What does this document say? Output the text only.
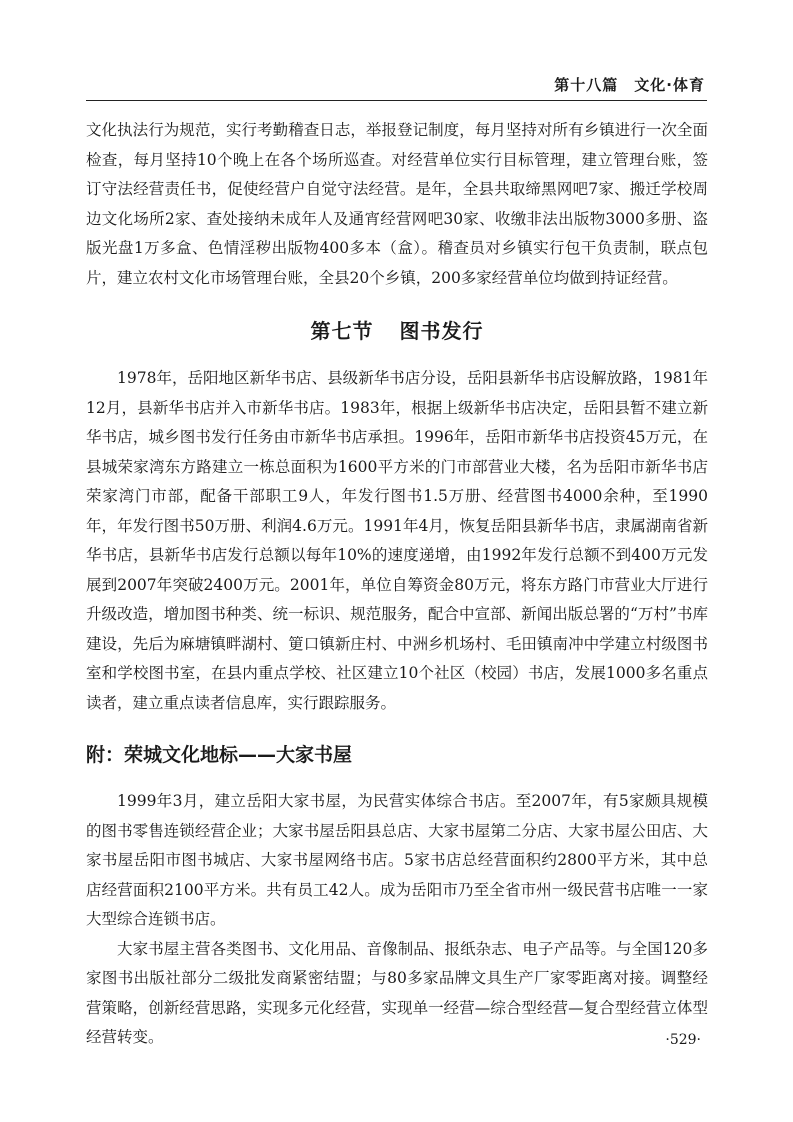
第十八篇　文化·体育

文化执法行为规范，实行考勤稽查日志，举报登记制度，每月坚持对所有乡镇进行一次全面检查，每月坚持10个晚上在各个场所巡查。对经营单位实行目标管理，建立管理台账，签订守法经营责任书，促使经营户自觉守法经营。是年，全县共取缔黑网吧7家、搬迁学校周边文化场所2家、查处接纳未成年人及通宵经营网吧30家、收缴非法出版物3000多册、盗版光盘1万多盒、色情淫秽出版物400多本（盒）。稽查员对乡镇实行包干负责制，联点包片，建立农村文化市场管理台账，全县20个乡镇，200多家经营单位均做到持证经营。

第七节 图书发行

1978年，岳阳地区新华书店、县级新华书店分设，岳阳县新华书店设解放路，1981年12月，县新华书店并入市新华书店。1983年，根据上级新华书店决定，岳阳县暂不建立新华书店，城乡图书发行任务由市新华书店承担。1996年，岳阳市新华书店投资45万元，在县城荣家湾东方路建立一栋总面积为1600平方米的门市部营业大楼，名为岳阳市新华书店荣家湾门市部，配备干部职工9人，年发行图书1.5万册、经营图书4000余种，至1990年，年发行图书50万册、利润4.6万元。1991年4月，恢复岳阳县新华书店，隶属湖南省新华书店，县新华书店发行总额以每年10%的速度递增，由1992年发行总额不到400万元发展到2007年突破2400万元。2001年，单位自筹资金80万元，将东方路门市营业大厅进行升级改造，增加图书种类、统一标识、规范服务，配合中宣部、新闻出版总署的“万村”书库建设，先后为麻塘镇畔湖村、筻口镇新庄村、中洲乡机场村、毛田镇南冲中学建立村级图书室和学校图书室，在县内重点学校、社区建立10个社区（校园）书店，发展1000多名重点读者，建立重点读者信息库，实行跟踪服务。

附：荣城文化地标——大家书屋

1999年3月，建立岳阳大家书屋，为民营实体综合书店。至2007年，有5家颇具规模的图书零售连锁经营企业；大家书屋岳阳县总店、大家书屋第二分店、大家书屋公田店、大家书屋岳阳市图书城店、大家书屋网络书店。5家书店总经营面积约2800平方米，其中总店经营面积2100平方米。共有员工42人。成为岳阳市乃至全省市州一级民营书店唯一一家大型综合连锁书店。

大家书屋主营各类图书、文化用品、音像制品、报纸杂志、电子产品等。与全国120多家图书出版社部分二级批发商紧密结盟；与80多家品牌文具生产厂家零距离对接。调整经营策略，创新经营思路，实现多元化经营，实现单一经营—综合型经营—复合型经营立体型经营转变。	·529·
